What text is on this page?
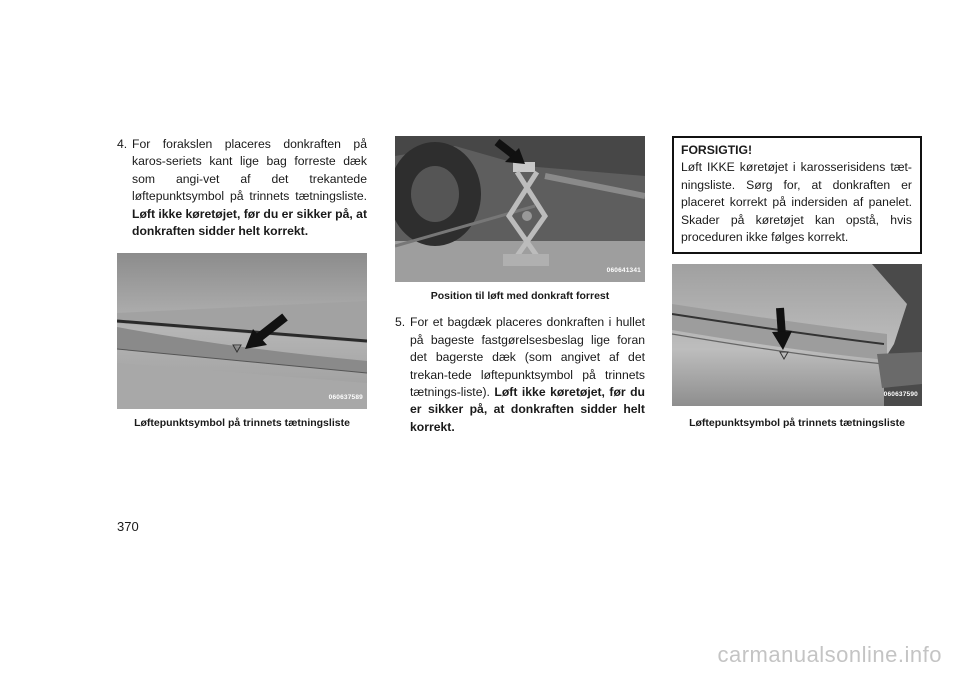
4. For forakslen placeres donkraften på karos-seriets kant lige bag forreste dæk som angi-vet af det trekantede løftepunktsymbol på trinnets tætningsliste. Løft ikke køretøjet, før du er sikker på, at donkraften sidder helt korrekt.
060637589
Løftepunktsymbol på trinnets tætningsliste
060641341
Position til løft med donkraft forrest
5. For et bagdæk placeres donkraften i hullet på bageste fastgørelsesbeslag lige foran det bagerste dæk (som angivet af det trekan-tede løftepunktsymbol på trinnets tætnings-liste). Løft ikke køretøjet, før du er sikker på, at donkraften sidder helt korrekt.
FORSIGTIG!
Løft IKKE køretøjet i karosserisidens tæt-ningsliste. Sørg for, at donkraften er placeret korrekt på indersiden af panelet. Skader på køretøjet kan opstå, hvis proceduren ikke følges korrekt.
060637590
Løftepunktsymbol på trinnets tætningsliste
370
carmanualsonline.info
